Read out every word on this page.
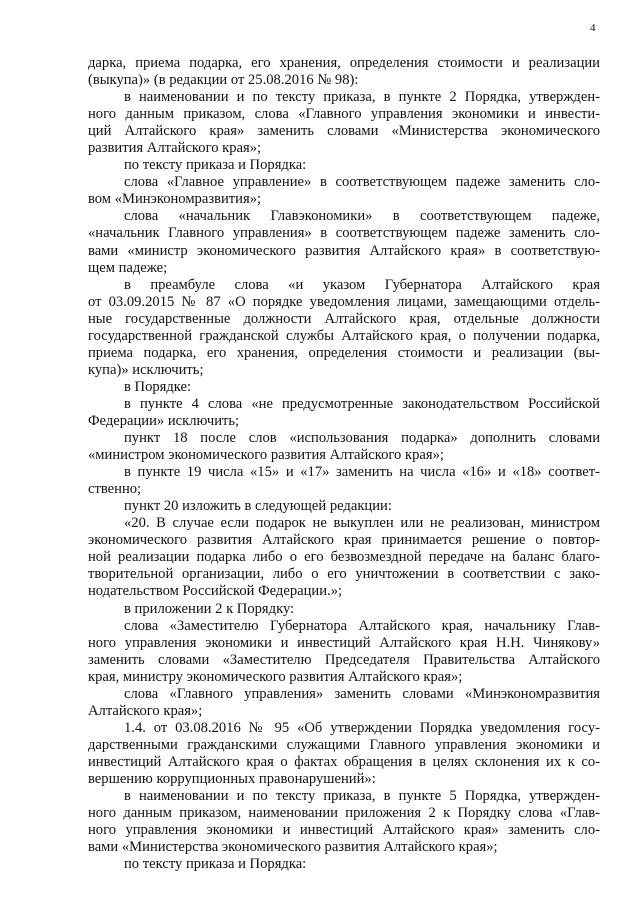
4
дарка, приема подарка, его хранения, определения стоимости и реализации
(выкупа)» (в редакции от 25.08.2016 № 98):
в наименовании и по тексту приказа, в пункте 2 Порядка, утвержден-
ного данным приказом, слова «Главного управления экономики и инвести-
ций Алтайского края» заменить словами «Министерства экономического
развития Алтайского края»;
по тексту приказа и Порядка:
слова «Главное управление» в соответствующем падеже заменить сло-
вом «Минэкономразвития»;
слова «начальник Главэкономики» в соответствующем падеже,
«начальник Главного управления» в соответствующем падеже заменить сло-
вами «министр экономического развития Алтайского края» в соответствую-
щем падеже;
в преамбуле слова «и указом Губернатора Алтайского края
от 03.09.2015 № 87 «О порядке уведомления лицами, замещающими отдель-
ные государственные должности Алтайского края, отдельные должности
государственной гражданской службы Алтайского края, о получении подарка,
приема подарка, его хранения, определения стоимости и реализации (вы-
купа)» исключить;
в Порядке:
в пункте 4 слова «не предусмотренные законодательством Российской
Федерации» исключить;
пункт 18 после слов «использования подарка» дополнить словами
«министром экономического развития Алтайского края»;
в пункте 19 числа «15» и «17» заменить на числа «16» и «18» соответ-
ственно;
пункт 20 изложить в следующей редакции:
«20. В случае если подарок не выкуплен или не реализован, министром
экономического развития Алтайского края принимается решение о повтор-
ной реализации подарка либо о его безвозмездной передаче на баланс благо-
творительной организации, либо о его уничтожении в соответствии с зако-
нодательством Российской Федерации.»;
в приложении 2 к Порядку:
слова «Заместителю Губернатора Алтайского края, начальнику Глав-
ного управления экономики и инвестиций Алтайского края Н.Н. Чинякову»
заменить словами «Заместителю Председателя Правительства Алтайского
края, министру экономического развития Алтайского края»;
слова «Главного управления» заменить словами «Минэкономразвития
Алтайского края»;
1.4. от 03.08.2016 № 95 «Об утверждении Порядка уведомления госу-
дарственными гражданскими служащими Главного управления экономики и
инвестиций Алтайского края о фактах обращения в целях склонения их к со-
вершению коррупционных правонарушений»:
в наименовании и по тексту приказа, в пункте 5 Порядка, утвержден-
ного данным приказом, наименовании приложения 2 к Порядку слова «Глав-
ного управления экономики и инвестиций Алтайского края» заменить сло-
вами «Министерства экономического развития Алтайского края»;
по тексту приказа и Порядка:
